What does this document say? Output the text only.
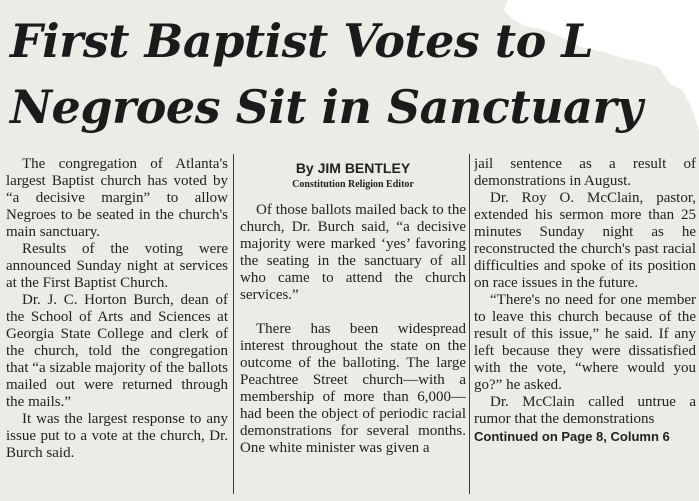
First Baptist Votes to L
Negroes Sit in Sanctuary

The congregation of Atlanta's largest Baptist church has voted by “a decisive margin” to allow Negroes to be seated in the church's main sanctuary.

Results of the voting were announced Sunday night at services at the First Baptist Church.

Dr. J. C. Horton Burch, dean of the School of Arts and Sciences at Georgia State College and clerk of the church, told the congregation that “a sizable majority of the ballots mailed out were returned through the mails.”

It was the largest response to any issue put to a vote at the church, Dr. Burch said.

By JIM BENTLEY
Constitution Religion Editor

Of those ballots mailed back to the church, Dr. Burch said, “a decisive majority were marked ‘yes’ favoring the seating in the sanctuary of all who came to attend the church services.”

There has been widespread interest throughout the state on the outcome of the balloting. The large Peachtree Street church—with a membership of more than 6,000—had been the object of periodic racial demonstrations for several months. One white minister was given a

jail sentence as a result of demonstrations in August.

Dr. Roy O. McClain, pastor, extended his sermon more than 25 minutes Sunday night as he reconstructed the church's past racial difficulties and spoke of its position on race issues in the future.

“There's no need for one member to leave this church because of the result of this issue,” he said. If any left because they were dissatisfied with the vote, “where would you go?” he asked.

Dr. McClain called untrue a rumor that the demonstrations

Continued on Page 8, Column 6
